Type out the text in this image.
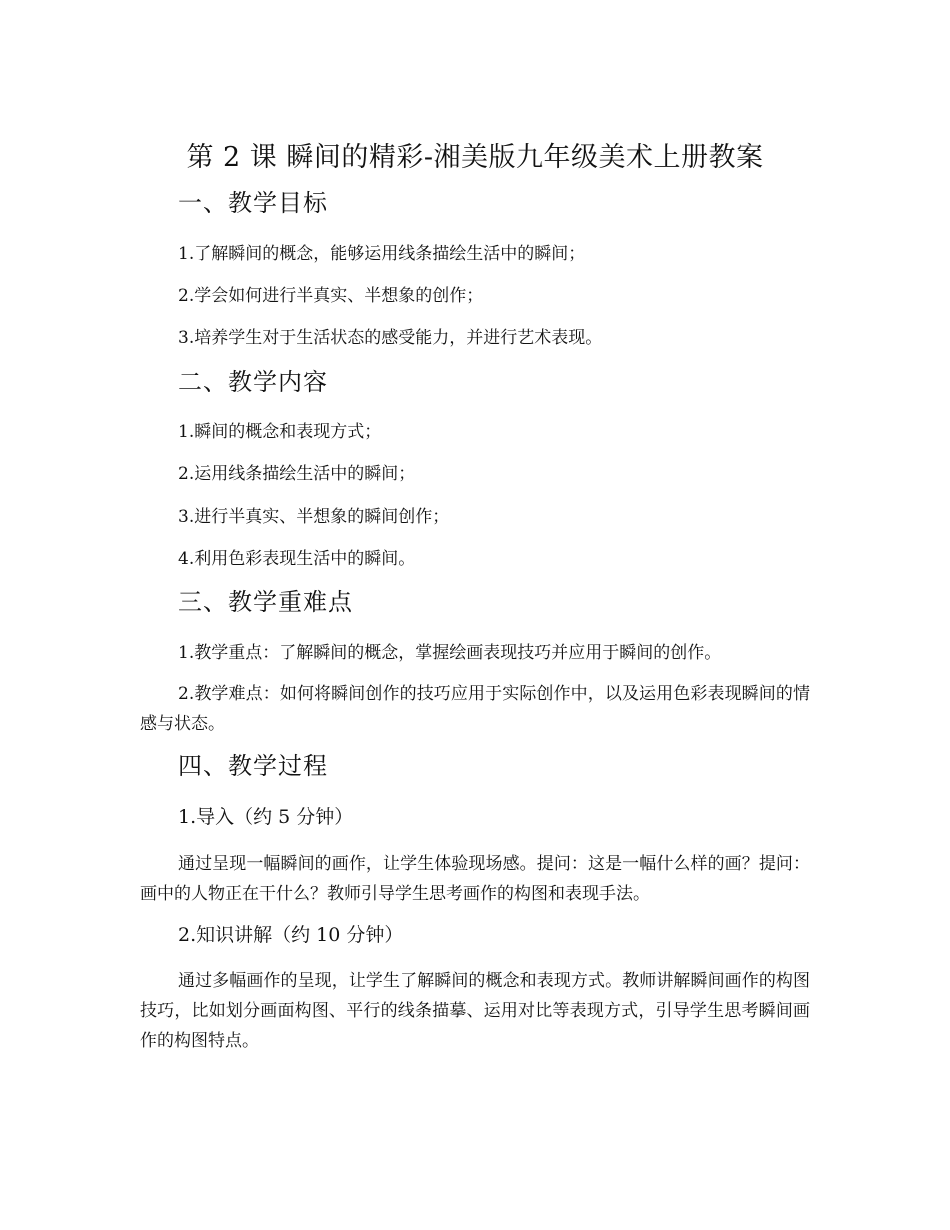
第 2 课 瞬间的精彩-湘美版九年级美术上册教案
一、教学目标
1.了解瞬间的概念，能够运用线条描绘生活中的瞬间；
2.学会如何进行半真实、半想象的创作；
3.培养学生对于生活状态的感受能力，并进行艺术表现。
二、教学内容
1.瞬间的概念和表现方式；
2.运用线条描绘生活中的瞬间；
3.进行半真实、半想象的瞬间创作；
4.利用色彩表现生活中的瞬间。
三、教学重难点
1.教学重点：了解瞬间的概念，掌握绘画表现技巧并应用于瞬间的创作。
2.教学难点：如何将瞬间创作的技巧应用于实际创作中，以及运用色彩表现瞬间的情感与状态。
四、教学过程
1.导入（约 5 分钟）
通过呈现一幅瞬间的画作，让学生体验现场感。提问：这是一幅什么样的画？提问：画中的人物正在干什么？教师引导学生思考画作的构图和表现手法。
2.知识讲解（约 10 分钟）
通过多幅画作的呈现，让学生了解瞬间的概念和表现方式。教师讲解瞬间画作的构图技巧，比如划分画面构图、平行的线条描摹、运用对比等表现方式，引导学生思考瞬间画作的构图特点。
